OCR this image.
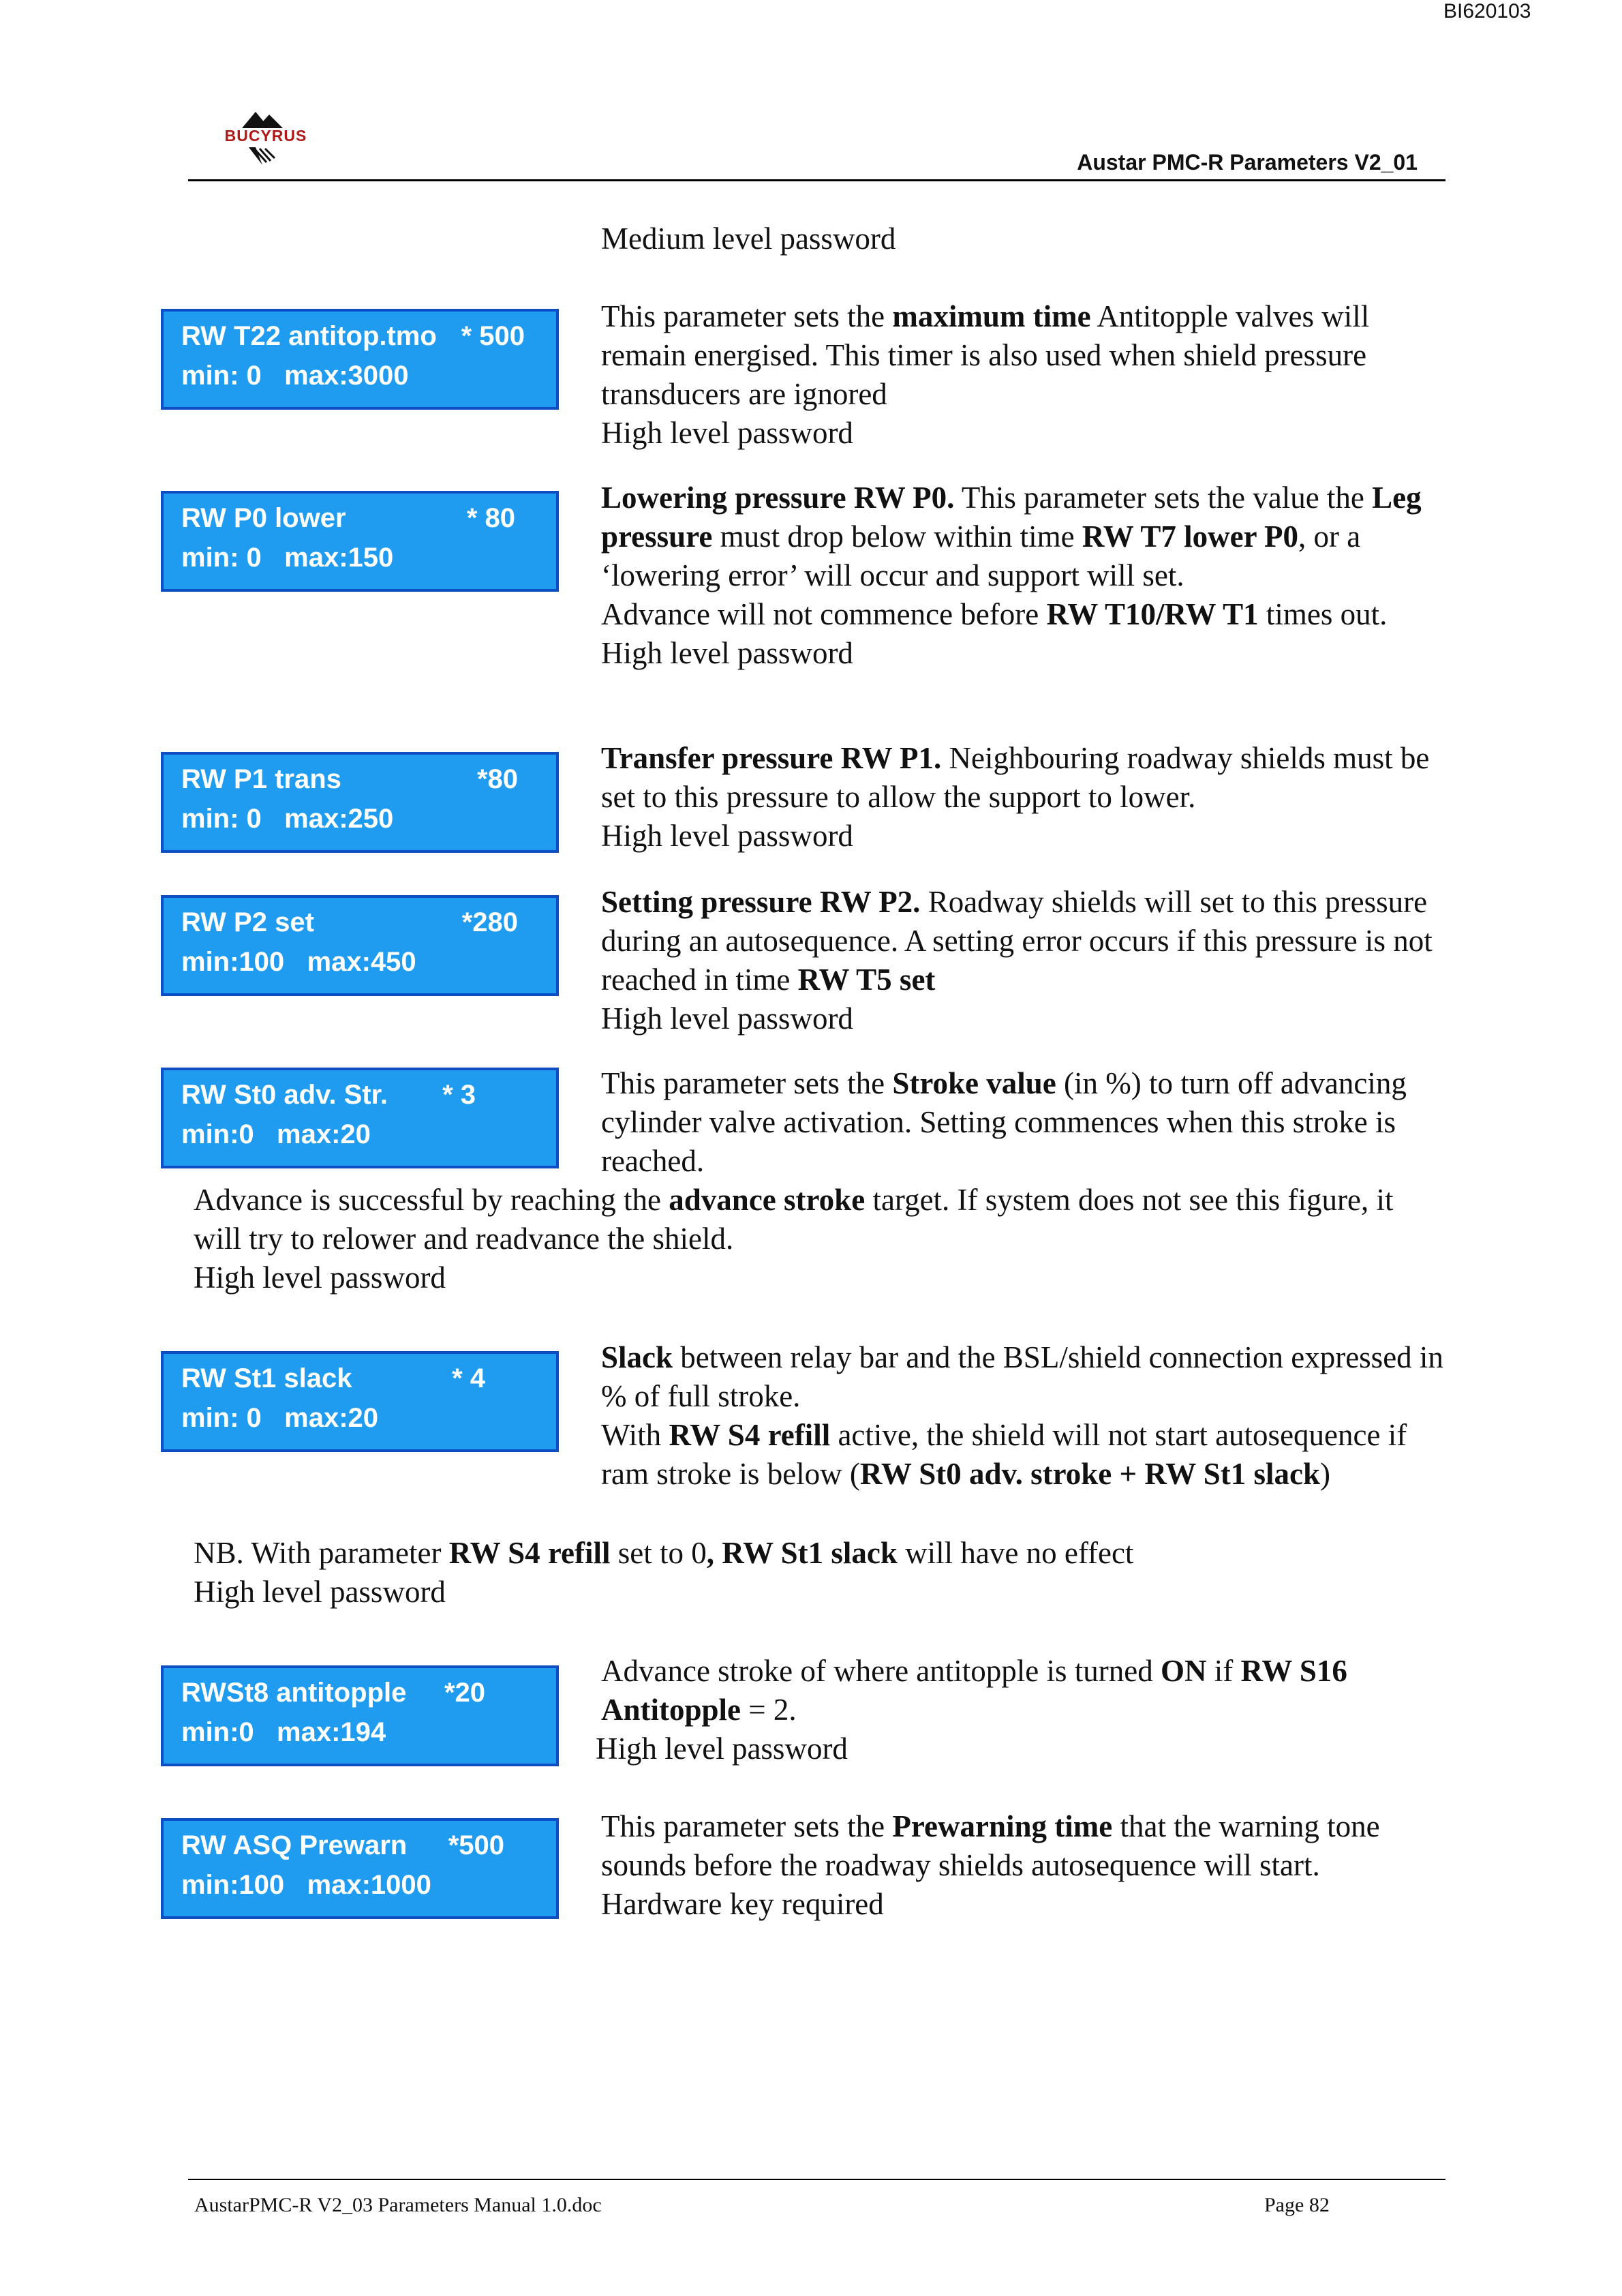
BI620103
BUCYRUS
Austar PMC-R Parameters V2_01
Medium level password
RW T22 antitop.tmo * 500
min: 0   max:3000

This parameter sets the maximum time Antitopple valves will remain energised. This timer is also used when shield pressure transducers are ignored

High level password

RW P0 lower	* 80
min: 0   max:150

Lowering pressure RW P0. This parameter sets the value the Leg pressure must drop below within time RW T7 lower P0, or a ‘lowering error’ will occur and support will set.

Advance will not commence before RW T10/RW T1 times out.

High level password

RW P1 trans	*80
min: 0   max:250

Transfer pressure RW P1. Neighbouring roadway shields must be set to this pressure to allow the support to lower.

High level password

RW P2 set	*280
min:100   max:450

Setting pressure RW P2. Roadway shields will set to this pressure during an autosequence. A setting error occurs if this pressure is not reached in time RW T5 set

High level password

RW St0 adv. Str.	* 3
min:0   max:20

This parameter sets the Stroke value (in %) to turn off advancing cylinder valve activation. Setting commences when this stroke is reached.

Advance is successful by reaching the advance stroke target. If system does not see this figure, it will try to relower and readvance the shield.

High level password

RW St1 slack	* 4
min: 0   max:20

Slack between relay bar and the BSL/shield connection expressed in % of full stroke.

With RW S4 refill active, the shield will not start autosequence if ram stroke is below (RW St0 adv. stroke + RW St1 slack)

NB. With parameter RW S4 refill set to 0, RW St1 slack will have no effect

High level password

RWSt8 antitopple	*20
min:0   max:194

Advance stroke of where antitopple is turned ON if RW S16 Antitopple = 2.

High level password

RW ASQ Prewarn	*500
min:100   max:1000

This parameter sets the Prewarning time that the warning tone sounds before the roadway shields autosequence will start.

Hardware key required

AustarPMC-R V2_03 Parameters Manual 1.0.doc	Page 82
